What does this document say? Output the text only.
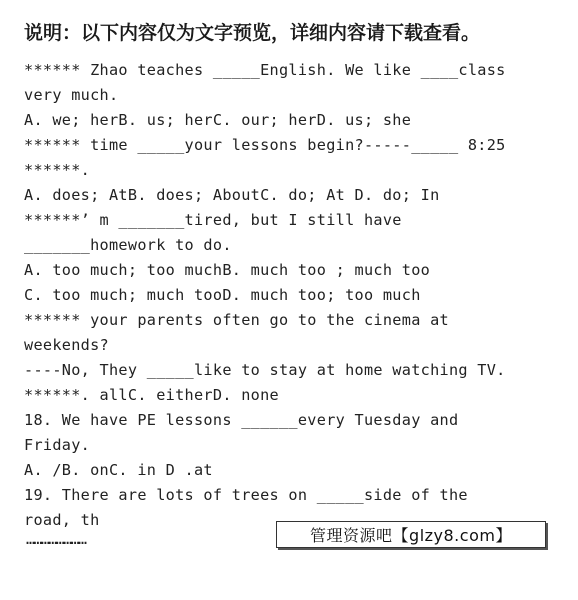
说明：以下内容仅为文字预览，详细内容请下载查看。
****** Zhao teaches _____English. We like ____class
very much.
A. we; herB. us; herC. our; herD. us; she
****** time _____your lessons begin?-----_____ 8:25
******.
A. does; AtB. does; AboutC. do; At D. do; In
******’ m _______tired, but I still have
_______homework to do.
A. too much; too muchB. much too ; much too
C. too much; much tooD. much too; too much
****** your parents often go to the cinema at
weekends?
----No, They _____like to stay at home watching TV.
******. allC. eitherD. none
18. We have PE lessons ______every Tuesday and
Friday.
A. /B. onC. in D .at
19. There are lots of trees on _____side of the
road, th
……………………	管理资源吧【glzy8.com】
